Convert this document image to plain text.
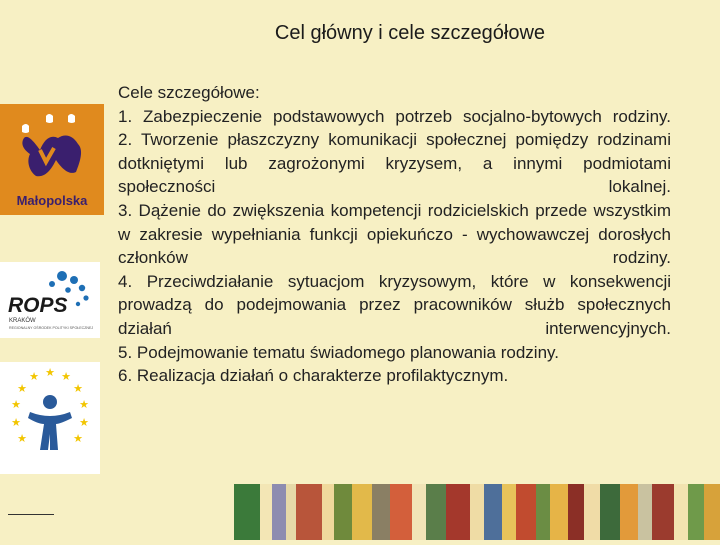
Cel główny i cele szczegółowe

Cele szczegółowe:

1. Zabezpieczenie podstawowych potrzeb socjalno-bytowych rodziny.

2. Tworzenie płaszczyzny komunikacji społecznej pomiędzy rodzinami dotkniętymi lub zagrożonymi kryzysem, a innymi podmiotami społeczności lokalnej.

3. Dążenie do zwiększenia kompetencji rodzicielskich przede wszystkim w zakresie wypełniania funkcji opiekuńczo - wychowawczej dorosłych członków rodziny.

4. Przeciwdziałanie sytuacjom kryzysowym, które w konsekwencji prowadzą do podejmowania przez pracowników służb społecznych działań interwencyjnych.

5. Podejmowanie tematu świadomego planowania rodziny.

6. Realizacja działań o charakterze profilaktycznym.

Małopolska
ROPS
KRAKÓW
REGIONALNY OŚRODEK POLITYKI SPOŁECZNEJ
★ ★
★
★
★
★
★
★
★
★
★
